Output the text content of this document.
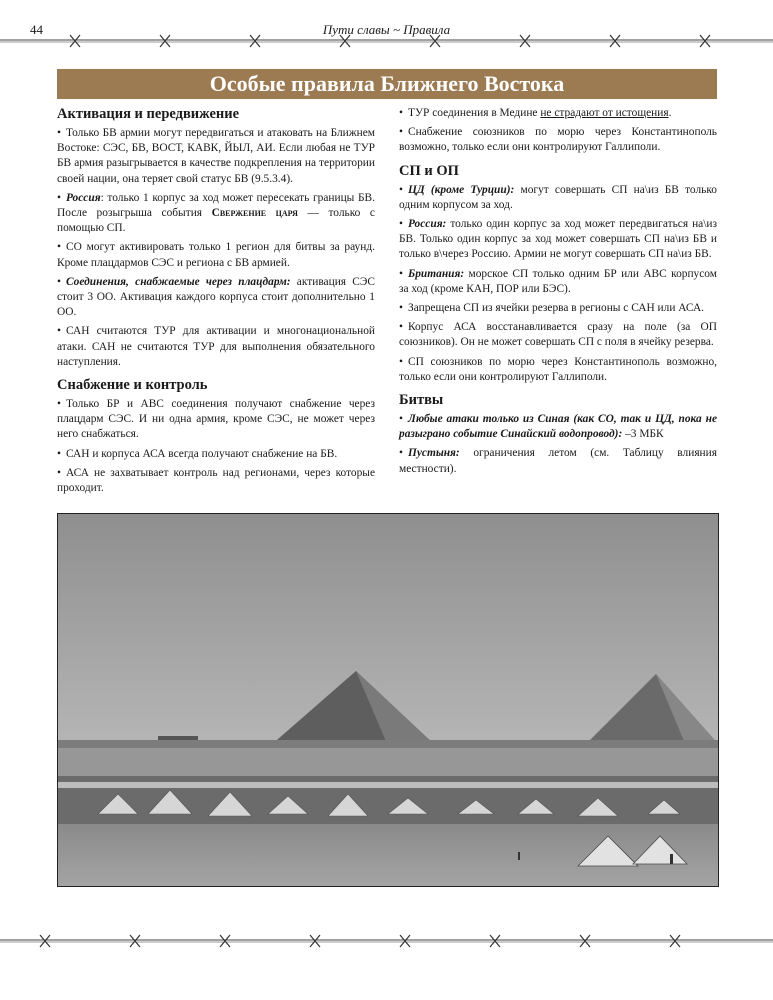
44	Пути славы ~ Правила
Особые правила Ближнего Востока
Активация и передвижение

• Только БВ армии могут передвигаться и атаковать на Ближнем Востоке: СЭС, БВ, ВОСТ, КАВК, ЙЫЛ, АИ. Если любая не ТУР БВ армия разыгрывается в качестве подкрепления на территории своей нации, она теряет свой статус БВ (9.5.3.4).

• Россия: только 1 корпус за ход может пересекать границы БВ. После розыгрыша события Свержение царя — только с помощью СП.

• СО могут активировать только 1 регион для битвы за раунд. Кроме плацдармов СЭС и региона с БВ армией.

• Соединения, снабжаемые через плацдарм: активация СЭС стоит 3 ОО. Активация каждого корпуса стоит дополнительно 1 ОО.

• САН считаются ТУР для активации и многонациональной атаки. САН не считаются ТУР для выполнения обязательного наступления.

Снабжение и контроль

• Только БР и АВС соединения получают снабжение через плацдарм СЭС. И ни одна армия, кроме СЭС, не может через него снабжаться.

• САН и корпуса АСА всегда получают снабжение на БВ.

• АСА не захватывает контроль над регионами, через которые проходит.

• ТУР соединения в Медине не страдают от истощения.

• Снабжение союзников по морю через Константинополь возможно, только если они контролируют Галлиполи.

СП и ОП

• ЦД (кроме Турции): могут совершать СП на\из БВ только одним корпусом за ход.

• Россия: только один корпус за ход может передвигаться на\из БВ. Только один корпус за ход может совершать СП на\из БВ и только в\через Россию. Армии не могут совершать СП на\из БВ.

• Британия: морское СП только одним БР или АВС корпусом за ход (кроме КАН, ПОР или БЭС).

• Запрещена СП из ячейки резерва в регионы с САН или АСА.

• Корпус АСА восстанавливается сразу на поле (за ОП союзников). Он не может совершать СП с поля в ячейку резерва.

• СП союзников по морю через Константинополь возможно, только если они контролируют Галлиполи.

Битвы

• Любые атаки только из Синая (как СО, так и ЦД, пока не разыграно событие Синайский водопровод): –3 МБК

• Пустыня: ограничения летом (см. Таблицу влияния местности).
